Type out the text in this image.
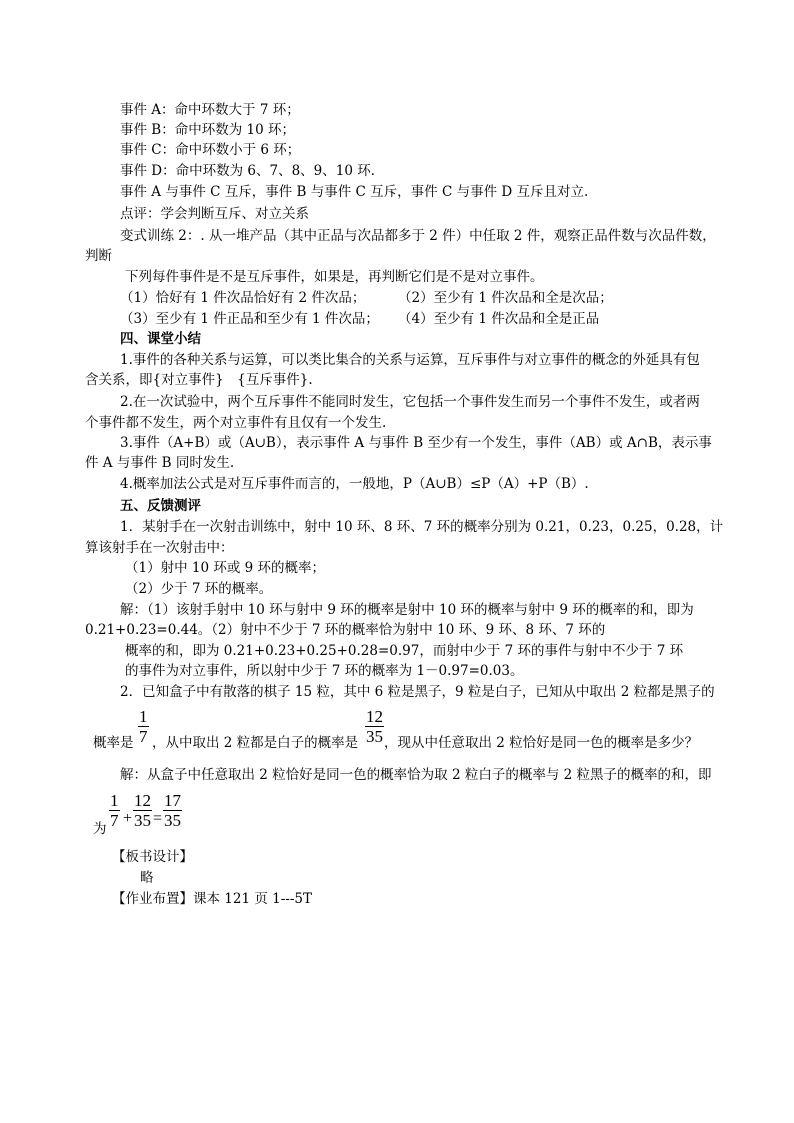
事件 A：命中环数大于 7 环；
事件 B：命中环数为 10 环；
事件 C：命中环数小于 6 环；
事件 D：命中环数为 6、7、8、9、10 环．
事件 A 与事件 C 互斥，事件 B 与事件 C 互斥，事件 C 与事件 D 互斥且对立.
点评：学会判断互斥、对立关系
变式训练 2：. 从一堆产品（其中正品与次品都多于 2 件）中任取 2 件，观察正品件数与次品件数，
判断
下列每件事件是不是互斥事件，如果是，再判断它们是不是对立事件。
（1）恰好有 1 件次品恰好有 2 件次品； （2）至少有 1 件次品和全是次品；
（3）至少有 1 件正品和至少有 1 件次品； （4）至少有 1 件次品和全是正品
四、课堂小结
1.事件的各种关系与运算，可以类比集合的关系与运算，互斥事件与对立事件的概念的外延具有包
含关系，即{对立事件}　{互斥事件}.
2.在一次试验中，两个互斥事件不能同时发生，它包括一个事件发生而另一个事件不发生，或者两
个事件都不发生，两个对立事件有且仅有一个发生.
3.事件（A+B）或（A∪B），表示事件 A 与事件 B 至少有一个发生，事件（AB）或 A∩B，表示事
件 A 与事件 B 同时发生.
4.概率加法公式是对互斥事件而言的，一般地，P（A∪B）≤P（A）+P（B）.
五、反馈测评
1．某射手在一次射击训练中，射中 10 环、8 环、7 环的概率分别为 0.21，0.23，0.25，0.28，计
算该射手在一次射击中：
（1）射中 10 环或 9 环的概率；
（2）少于 7 环的概率。
解：（1）该射手射中 10 环与射中 9 环的概率是射中 10 环的概率与射中 9 环的概率的和，即为
0.21+0.23=0.44。（2）射中不少于 7 环的概率恰为射中 10 环、9 环、8 环、7 环的
概率的和，即为 0.21+0.23+0.25+0.28=0.97，而射中少于 7 环的事件与射中不少于 7 环
的事件为对立事件，所以射中少于 7 环的概率为 1－0.97=0.03。
2．已知盒子中有散落的棋子 15 粒，其中 6 粒是黑子，9 粒是白子，已知从中取出 2 粒都是黑子的
概率是 $\frac{1}{7}$ ，从中取出 2 粒都是白子的概率是 $\frac{12}{35}$ ，现从中任意取出 2 粒恰好是同一色的概率是多少？
解：从盒子中任意取出 2 粒恰好是同一色的概率恰为取 2 粒白子的概率与 2 粒黑子的概率的和，即
为 $\frac{1}{7} + \frac{12}{35} = \frac{17}{35}$
【板书设计】
略
【作业布置】课本 121 页 1---5T
